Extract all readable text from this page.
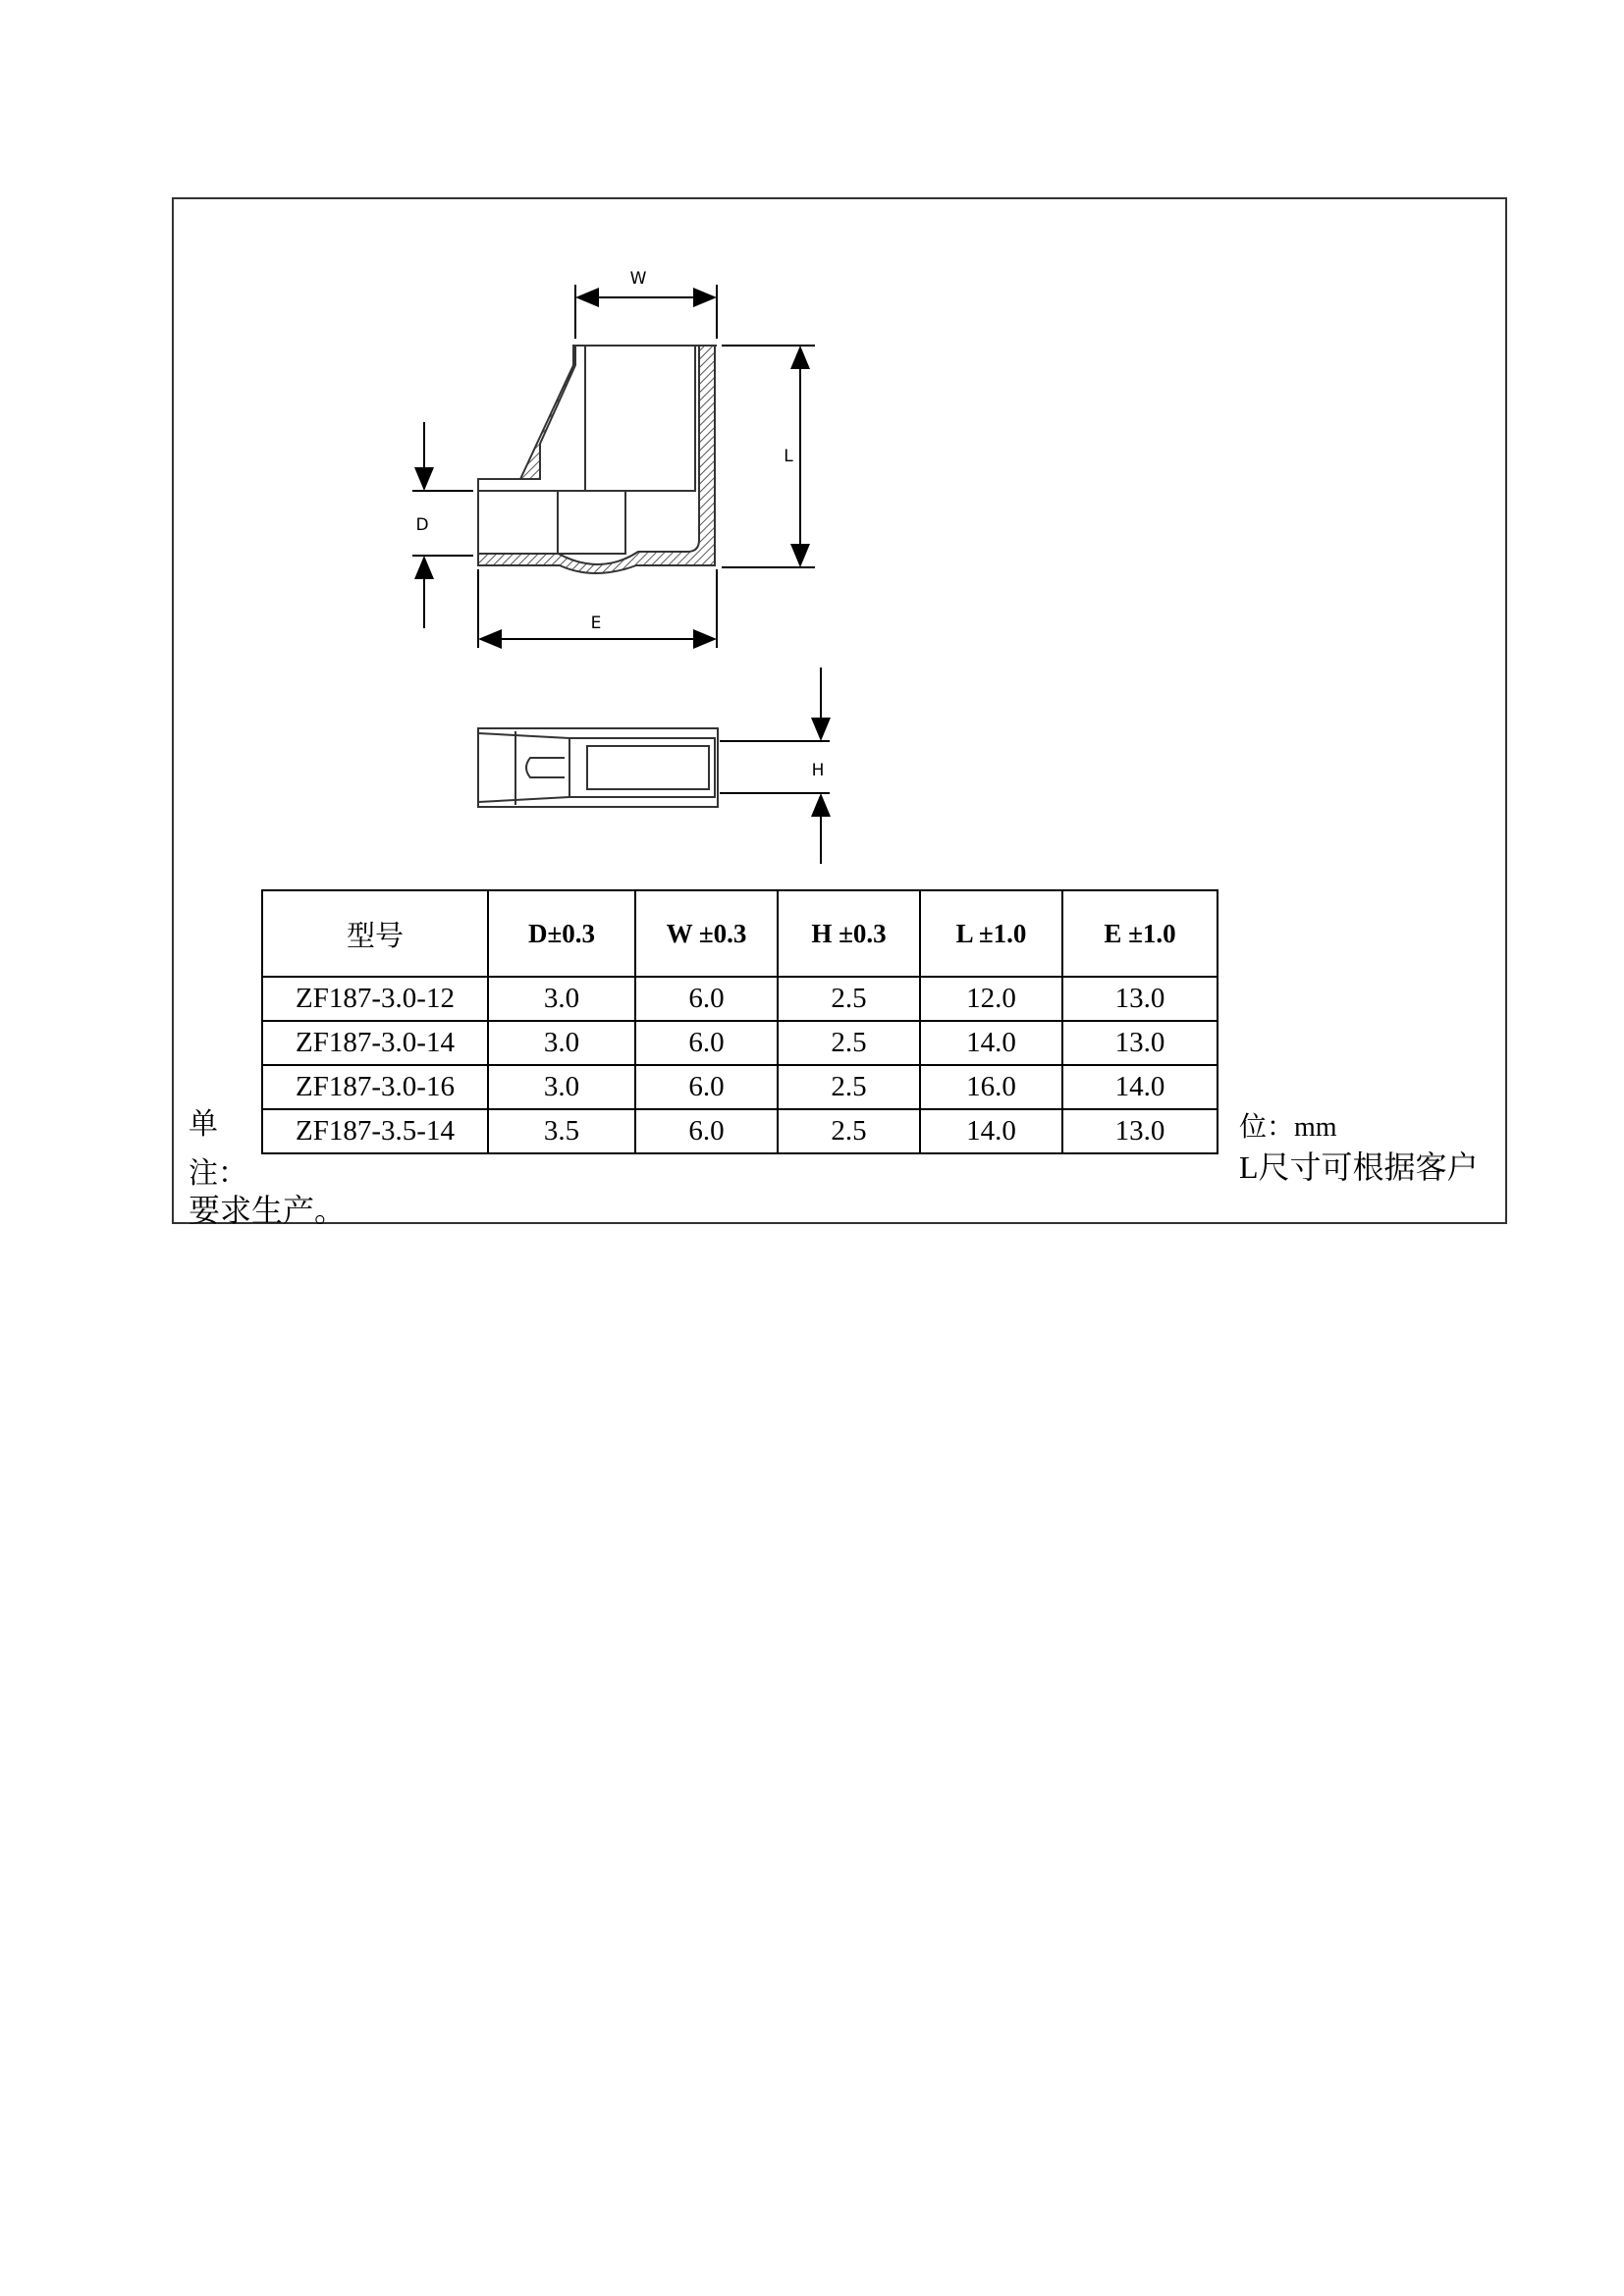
W
L
D
E
H
型号	D±0.3	W ±0.3	H ±0.3	L ±1.0	E ±1.0
ZF187-3.0-12	3.0	6.0	2.5	12.0	13.0
ZF187-3.0-14	3.0	6.0	2.5	14.0	13.0
ZF187-3.0-16	3.0	6.0	2.5	16.0	14.0
ZF187-3.5-14	3.5	6.0	2.5	14.0	13.0
单	位：mm
注：	L尺寸可根据客户
要求生产。
